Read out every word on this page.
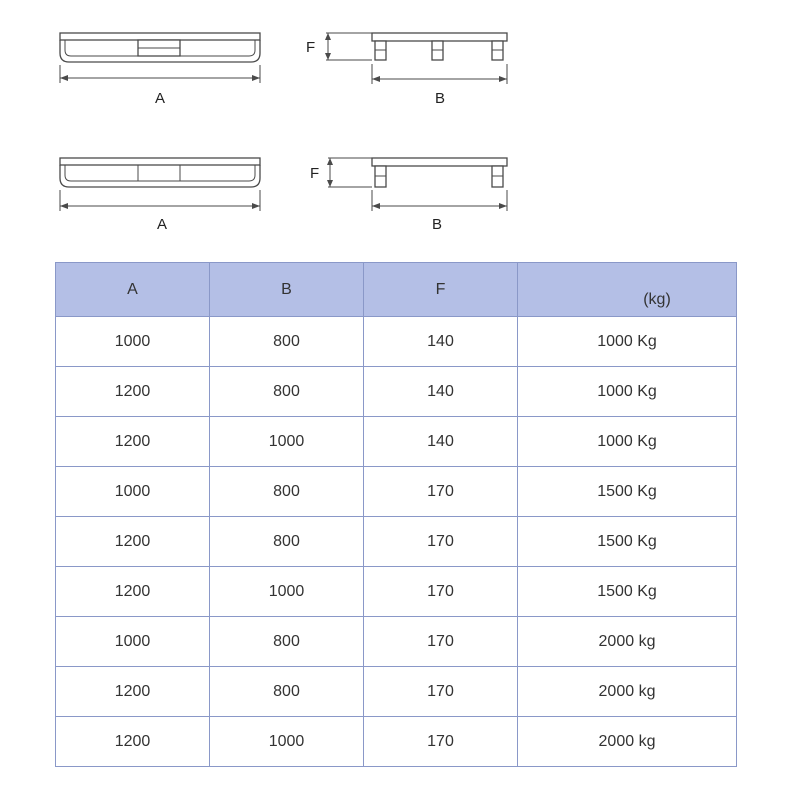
A
F
B
A
F
B
A	B	F	(kg)
1000	800	140	1000 Kg
1200	800	140	1000 Kg
1200	1000	140	1000 Kg
1000	800	170	1500 Kg
1200	800	170	1500 Kg
1200	1000	170	1500 Kg
1000	800	170	2000 kg
1200	800	170	2000 kg
1200	1000	170	2000 kg
